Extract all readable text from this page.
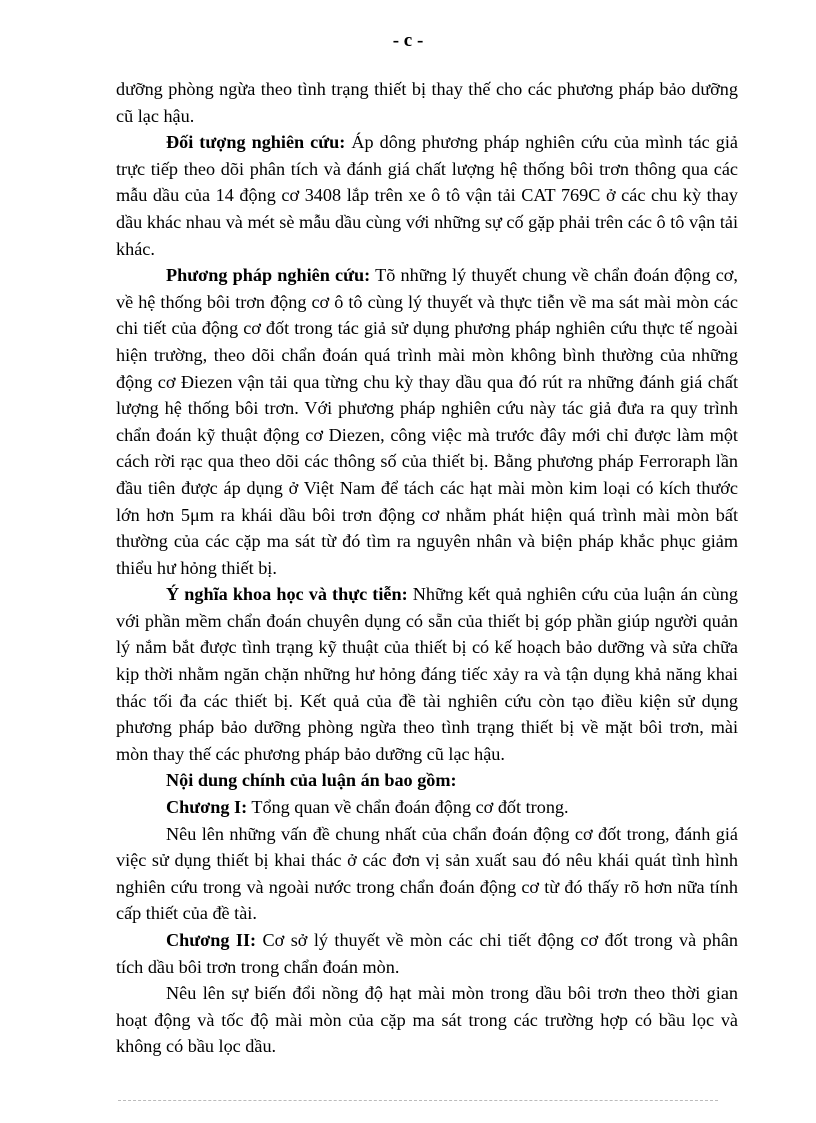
- c -

dưỡng phòng ngừa theo tình trạng thiết bị thay thế cho các phương pháp bảo dưỡng cũ lạc hậu.

Đối tượng nghiên cứu: Áp dông phương pháp nghiên cứu của mình tác giả trực tiếp theo dõi phân tích và đánh giá chất lượng hệ thống bôi trơn thông qua các mẫu dầu của 14 động cơ 3408 lắp trên xe ô tô vận tải CAT 769C ở các chu kỳ thay dầu khác nhau và mét sè mẫu dầu cùng với những sự cố gặp phải trên các ô tô vận tải khác.

Phương pháp nghiên cứu: Tõ những lý thuyết chung về chẩn đoán động cơ, về hệ thống bôi trơn động cơ ô tô cùng lý thuyết và thực tiễn về ma sát mài mòn các chi tiết của động cơ đốt trong tác giả sử dụng phương pháp nghiên cứu thực tế ngoài hiện trường, theo dõi chẩn đoán quá trình mài mòn không bình thường của những động cơ Điezen vận tải qua từng chu kỳ thay dầu qua đó rút ra những đánh giá chất lượng hệ thống bôi trơn. Với phương pháp nghiên cứu này tác giả đưa ra quy trình chẩn đoán kỹ thuật động cơ Diezen, công việc mà trước đây mới chỉ được làm một cách rời rạc qua theo dõi các thông số của thiết bị. Bằng phương pháp Ferroraph lần đầu tiên được áp dụng ở Việt Nam để tách các hạt mài mòn kim loại có kích thước lớn hơn 5μm ra khái dầu bôi trơn động cơ nhằm phát hiện quá trình mài mòn bất thường của các cặp ma sát từ đó tìm ra nguyên nhân và biện pháp khắc phục giảm thiểu hư hỏng thiết bị.

Ý nghĩa khoa học và thực tiễn: Những kết quả nghiên cứu của luận án cùng với phần mềm chẩn đoán chuyên dụng có sẵn của thiết bị góp phần giúp người quản lý nắm bắt được tình trạng kỹ thuật của thiết bị có kế hoạch bảo dưỡng và sửa chữa kịp thời nhằm ngăn chặn những hư hỏng đáng tiếc xảy ra và tận dụng khả năng khai thác tối đa các thiết bị. Kết quả của đề tài nghiên cứu còn tạo điều kiện sử dụng phương pháp bảo dưỡng phòng ngừa theo tình trạng thiết bị về mặt bôi trơn, mài mòn thay thế các phương pháp bảo dưỡng cũ lạc hậu.

Nội dung chính của luận án bao gồm:

Chương I: Tổng quan về chẩn đoán động cơ đốt trong.

Nêu lên những vấn đề chung nhất của chẩn đoán động cơ đốt trong, đánh giá việc sử dụng thiết bị khai thác ở các đơn vị sản xuất sau đó nêu khái quát tình hình nghiên cứu trong và ngoài nước trong chẩn đoán động cơ từ đó thấy rõ hơn nữa tính cấp thiết của đề tài.

Chương II: Cơ sở lý thuyết về mòn các chi tiết động cơ đốt trong và phân tích dầu bôi trơn trong chẩn đoán mòn.

Nêu lên sự biến đổi nồng độ hạt mài mòn trong dầu bôi trơn theo thời gian hoạt động và tốc độ mài mòn của cặp ma sát trong các trường hợp có bầu lọc và không có bầu lọc dầu.
